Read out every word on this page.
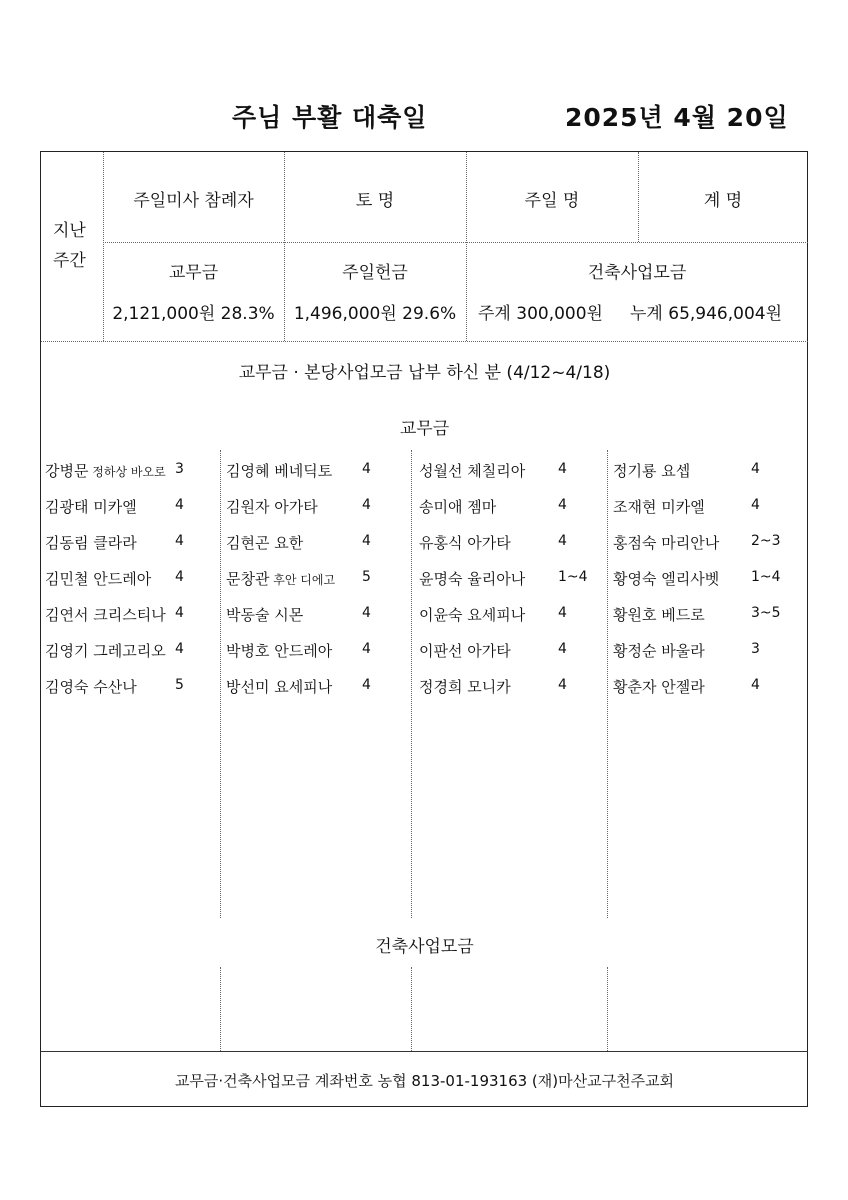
주님 부활 대축일	2025년 4월 20일
지난
주간
주일미사 참례자	토 명	주일 명	계 명
교무금	주일헌금	건축사업모금
2,121,000원 28.3%	1,496,000원 29.6%	주계 300,000원 누계 65,946,004원
교무금 · 본당사업모금 납부 하신 분 (4/12~4/18)
교무금
건축사업모금
교무금·건축사업모금 계좌번호 농협 813-01-193163 (재)마산교구천주교회
강병문 정하상 바오로 3
김광태 미카엘	4
김동림 클라라	4
김민철 안드레아 4
김연서 크리스티나 4
김영기 그레고리오 4
김영숙 수산나	5
김영혜 베네딕토 4
김원자 아가타	4
김현곤 요한	4
문창관 후안 디에고 5
박동술 시몬	4
박병호 안드레아 4
방선미 요세피나 4
성월선 체칠리아 4
송미애 젬마	4
유홍식 아가타	4
윤명숙 율리아나 1~4
이윤숙 요세피나 4
이판선 아가타	4
정경희 모니카	4
정기룡 요셉	4
조재현 미카엘	4
홍점숙 마리안나 2~3
황영숙 엘리사벳 1~4
황원호 베드로	3~5
황정순 바울라	3
황춘자 안젤라	4
